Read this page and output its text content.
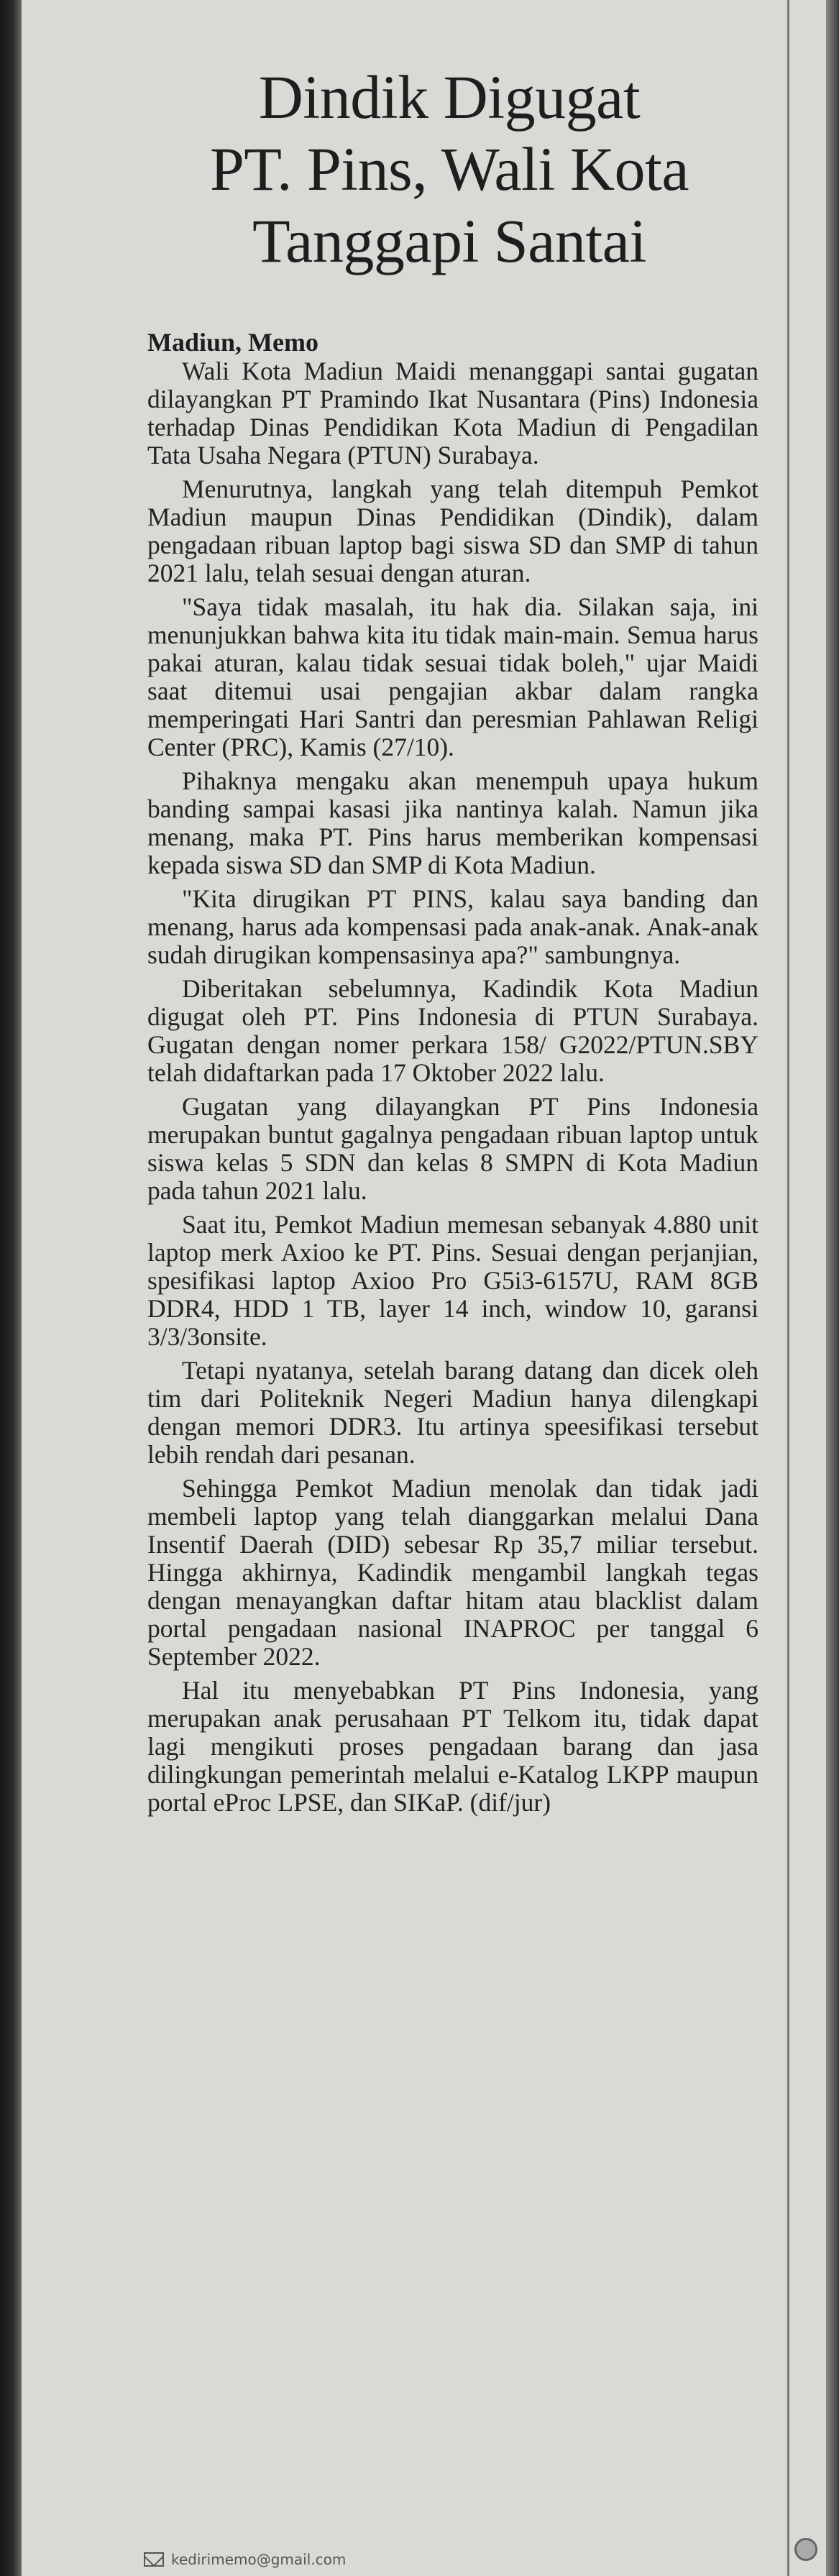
Dindik Digugat
PT. Pins, Wali Kota
Tanggapi Santai
Madiun, Memo

Wali Kota Madiun Maidi menanggapi santai gugatan dilayangkan PT Pramindo Ikat Nusantara (Pins) Indonesia terhadap Dinas Pendidikan Kota Madiun di Pengadilan Tata Usaha Negara (PTUN) Surabaya.

Menurutnya, langkah yang telah ditempuh Pemkot Madiun maupun Dinas Pendidikan (Dindik), dalam pengadaan ribuan laptop bagi siswa SD dan SMP di tahun 2021 lalu, telah sesuai dengan aturan.

"Saya tidak masalah, itu hak dia. Silakan saja, ini menunjukkan bahwa kita itu tidak main-main. Semua harus pakai aturan, kalau tidak sesuai tidak boleh," ujar Maidi saat ditemui usai pengajian akbar dalam rangka memperingati Hari Santri dan peresmian Pahlawan Religi Center (PRC), Kamis (27/10).

Pihaknya mengaku akan menempuh upaya hukum banding sampai kasasi jika nantinya kalah. Namun jika menang, maka PT. Pins harus memberikan kompensasi kepada siswa SD dan SMP di Kota Madiun.

"Kita dirugikan PT PINS, kalau saya banding dan menang, harus ada kompensasi pada anak-anak. Anak-anak sudah dirugikan kompensasinya apa?" sambungnya.

Diberitakan sebelumnya, Kadindik Kota Madiun digugat oleh PT. Pins Indonesia di PTUN Surabaya. Gugatan dengan nomer perkara 158/ G2022/PTUN.SBY telah didaftarkan pada 17 Oktober 2022 lalu.

Gugatan yang dilayangkan PT Pins Indonesia merupakan buntut gagalnya pengadaan ribuan laptop untuk siswa kelas 5 SDN dan kelas 8 SMPN di Kota Madiun pada tahun 2021 lalu.

Saat itu, Pemkot Madiun memesan sebanyak 4.880 unit laptop merk Axioo ke PT. Pins. Sesuai dengan perjanjian, spesifikasi laptop Axioo Pro G5i3-6157U, RAM 8GB DDR4, HDD 1 TB, layer 14 inch, window 10, garansi 3/3/3onsite.

Tetapi nyatanya, setelah barang datang dan dicek oleh tim dari Politeknik Negeri Madiun hanya dilengkapi dengan memori DDR3. Itu artinya speesifikasi tersebut lebih rendah dari pesanan.

Sehingga Pemkot Madiun menolak dan tidak jadi membeli laptop yang telah dianggarkan melalui Dana Insentif Daerah (DID) sebesar Rp 35,7 miliar tersebut. Hingga akhirnya, Kadindik mengambil langkah tegas dengan menayangkan daftar hitam atau blacklist dalam portal pengadaan nasional INAPROC per tanggal 6 September 2022.

Hal itu menyebabkan PT Pins Indonesia, yang merupakan anak perusahaan PT Telkom itu, tidak dapat lagi mengikuti proses pengadaan barang dan jasa dilingkungan pemerintah melalui e-Katalog LKPP maupun portal eProc LPSE, dan SIKaP. (dif/jur)

kedirimemo@gmail.com
